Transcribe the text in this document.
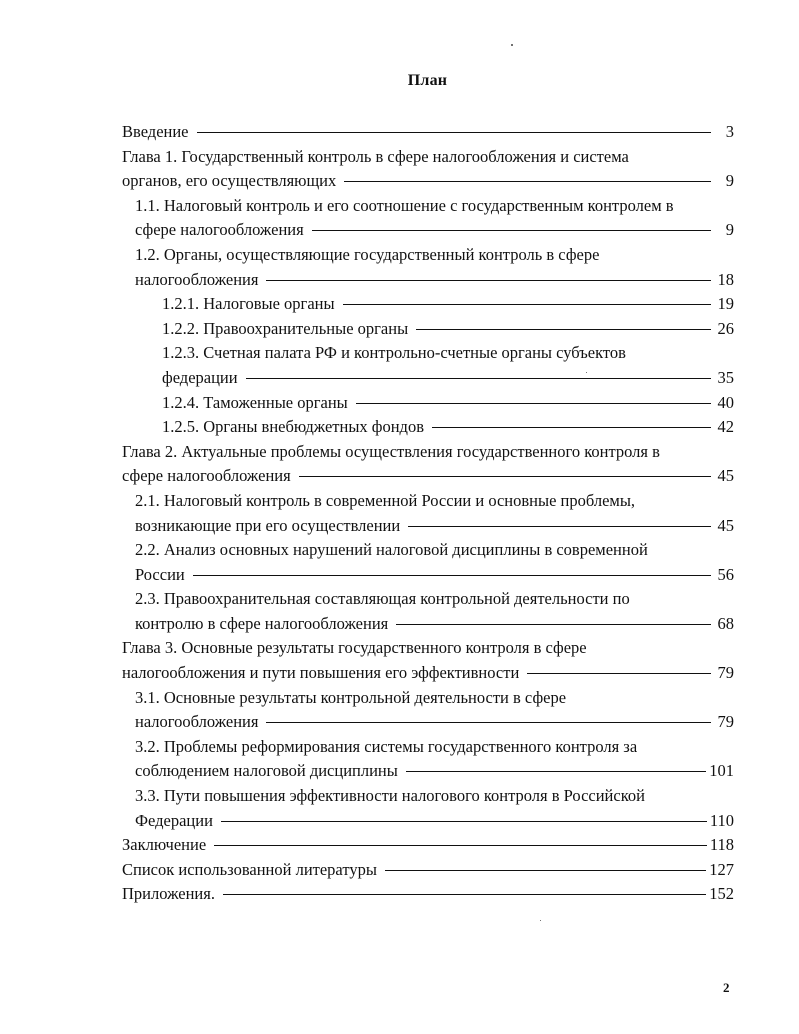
План
Введение	3
Глава 1. Государственный контроль в сфере налогообложения и система
органов, его осуществляющих	9
1.1. Налоговый контроль и его соотношение с государственным контролем в
сфере налогообложения	9
1.2. Органы, осуществляющие государственный контроль в сфере
налогообложения	18
1.2.1. Налоговые органы	19
1.2.2. Правоохранительные органы	26
1.2.3. Счетная палата РФ и контрольно-счетные органы субъектов
федерации	35
1.2.4. Таможенные органы	40
1.2.5. Органы внебюджетных фондов	42
Глава 2. Актуальные проблемы осуществления государственного контроля в
сфере налогообложения	45
2.1. Налоговый контроль в современной России и основные проблемы,
возникающие при его осуществлении	45
2.2. Анализ основных нарушений налоговой дисциплины в современной
России	56
2.3. Правоохранительная составляющая контрольной деятельности по
контролю в сфере налогообложения	68
Глава 3. Основные результаты государственного контроля в сфере
налогообложения и пути повышения его эффективности	79
3.1. Основные результаты контрольной деятельности в сфере
налогообложения	79
3.2. Проблемы реформирования системы государственного контроля за
соблюдением налоговой дисциплины	101
3.3. Пути повышения эффективности налогового контроля в Российской
Федерации	110
Заключение	118
Список использованной литературы	127
Приложения.	152
2
